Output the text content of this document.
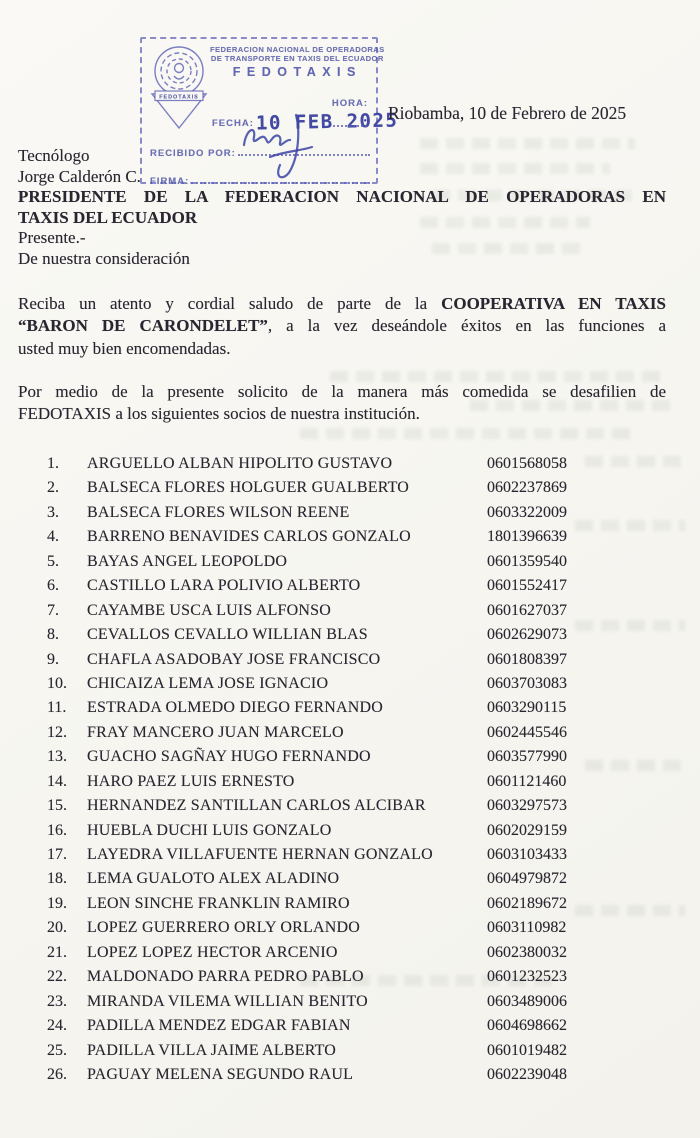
FEDOTAXIS
FEDERACION NACIONAL DE OPERADORAS
DE TRANSPORTE EN TAXIS DEL ECUADOR
FEDOTAXIS
FECHA: 10 FEB 2025
HORA:

RECIBIDO POR:
FIRMA:
Riobamba, 10 de Febrero de 2025
Tecnólogo
Jorge Calderón C.
PRESIDENTE DE LA FEDERACION NACIONAL DE OPERADORAS EN
TAXIS DEL ECUADOR
Presente.-
De nuestra consideración
Reciba un atento y cordial saludo de parte de la COOPERATIVA EN TAXIS
“BARON DE CARONDELET”, a la vez deseándole éxitos en las funciones a
usted muy bien encomendadas.
Por medio de la presente solicito de la manera más comedida se desafilien de
FEDOTAXIS a los siguientes socios de nuestra institución.
1. ARGUELLO ALBAN HIPOLITO GUSTAVO	0601568058
2. BALSECA FLORES HOLGUER GUALBERTO	0602237869
3. BALSECA FLORES WILSON REENE	0603322009
4. BARRENO BENAVIDES CARLOS GONZALO	1801396639
5. BAYAS ANGEL LEOPOLDO	0601359540
6. CASTILLO LARA POLIVIO ALBERTO	0601552417
7. CAYAMBE USCA LUIS ALFONSO	0601627037
8. CEVALLOS CEVALLO WILLIAN BLAS	0602629073
9. CHAFLA ASADOBAY JOSE FRANCISCO	0601808397
10. CHICAIZA LEMA JOSE IGNACIO	0603703083
11. ESTRADA OLMEDO DIEGO FERNANDO	0603290115
12. FRAY MANCERO JUAN MARCELO	0602445546
13. GUACHO SAGÑAY HUGO FERNANDO	0603577990
14. HARO PAEZ LUIS ERNESTO	0601121460
15. HERNANDEZ SANTILLAN CARLOS ALCIBAR	0603297573
16. HUEBLA DUCHI LUIS GONZALO	0602029159
17. LAYEDRA VILLAFUENTE HERNAN GONZALO	0603103433
18. LEMA GUALOTO ALEX ALADINO	0604979872
19. LEON SINCHE FRANKLIN RAMIRO	0602189672
20. LOPEZ GUERRERO ORLY ORLANDO	0603110982
21. LOPEZ LOPEZ HECTOR ARCENIO	0602380032
22. MALDONADO PARRA PEDRO PABLO	0601232523
23. MIRANDA VILEMA WILLIAN BENITO	0603489006
24. PADILLA MENDEZ EDGAR FABIAN	0604698662
25. PADILLA VILLA JAIME ALBERTO	0601019482
26. PAGUAY MELENA SEGUNDO RAUL	0602239048
